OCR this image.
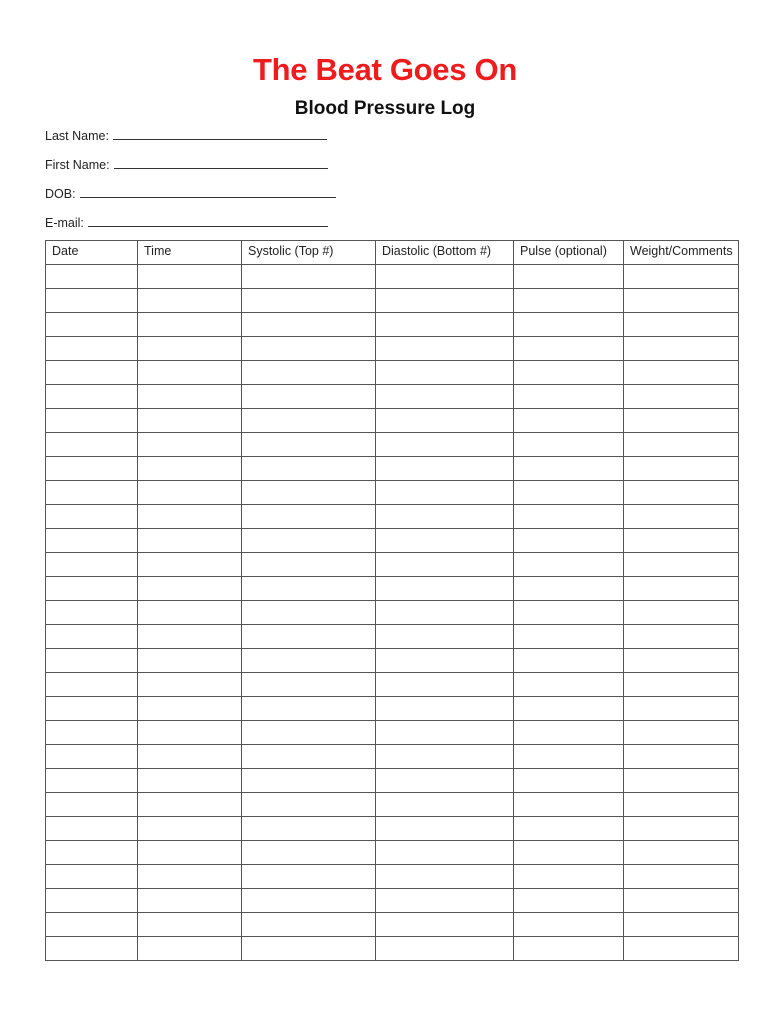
The Beat Goes On
Blood Pressure Log
Last Name:
First Name:
DOB:
E-mail:
Date	Time	Systolic (Top #)	Diastolic (Bottom #)	Pulse (optional)	Weight/Comments
